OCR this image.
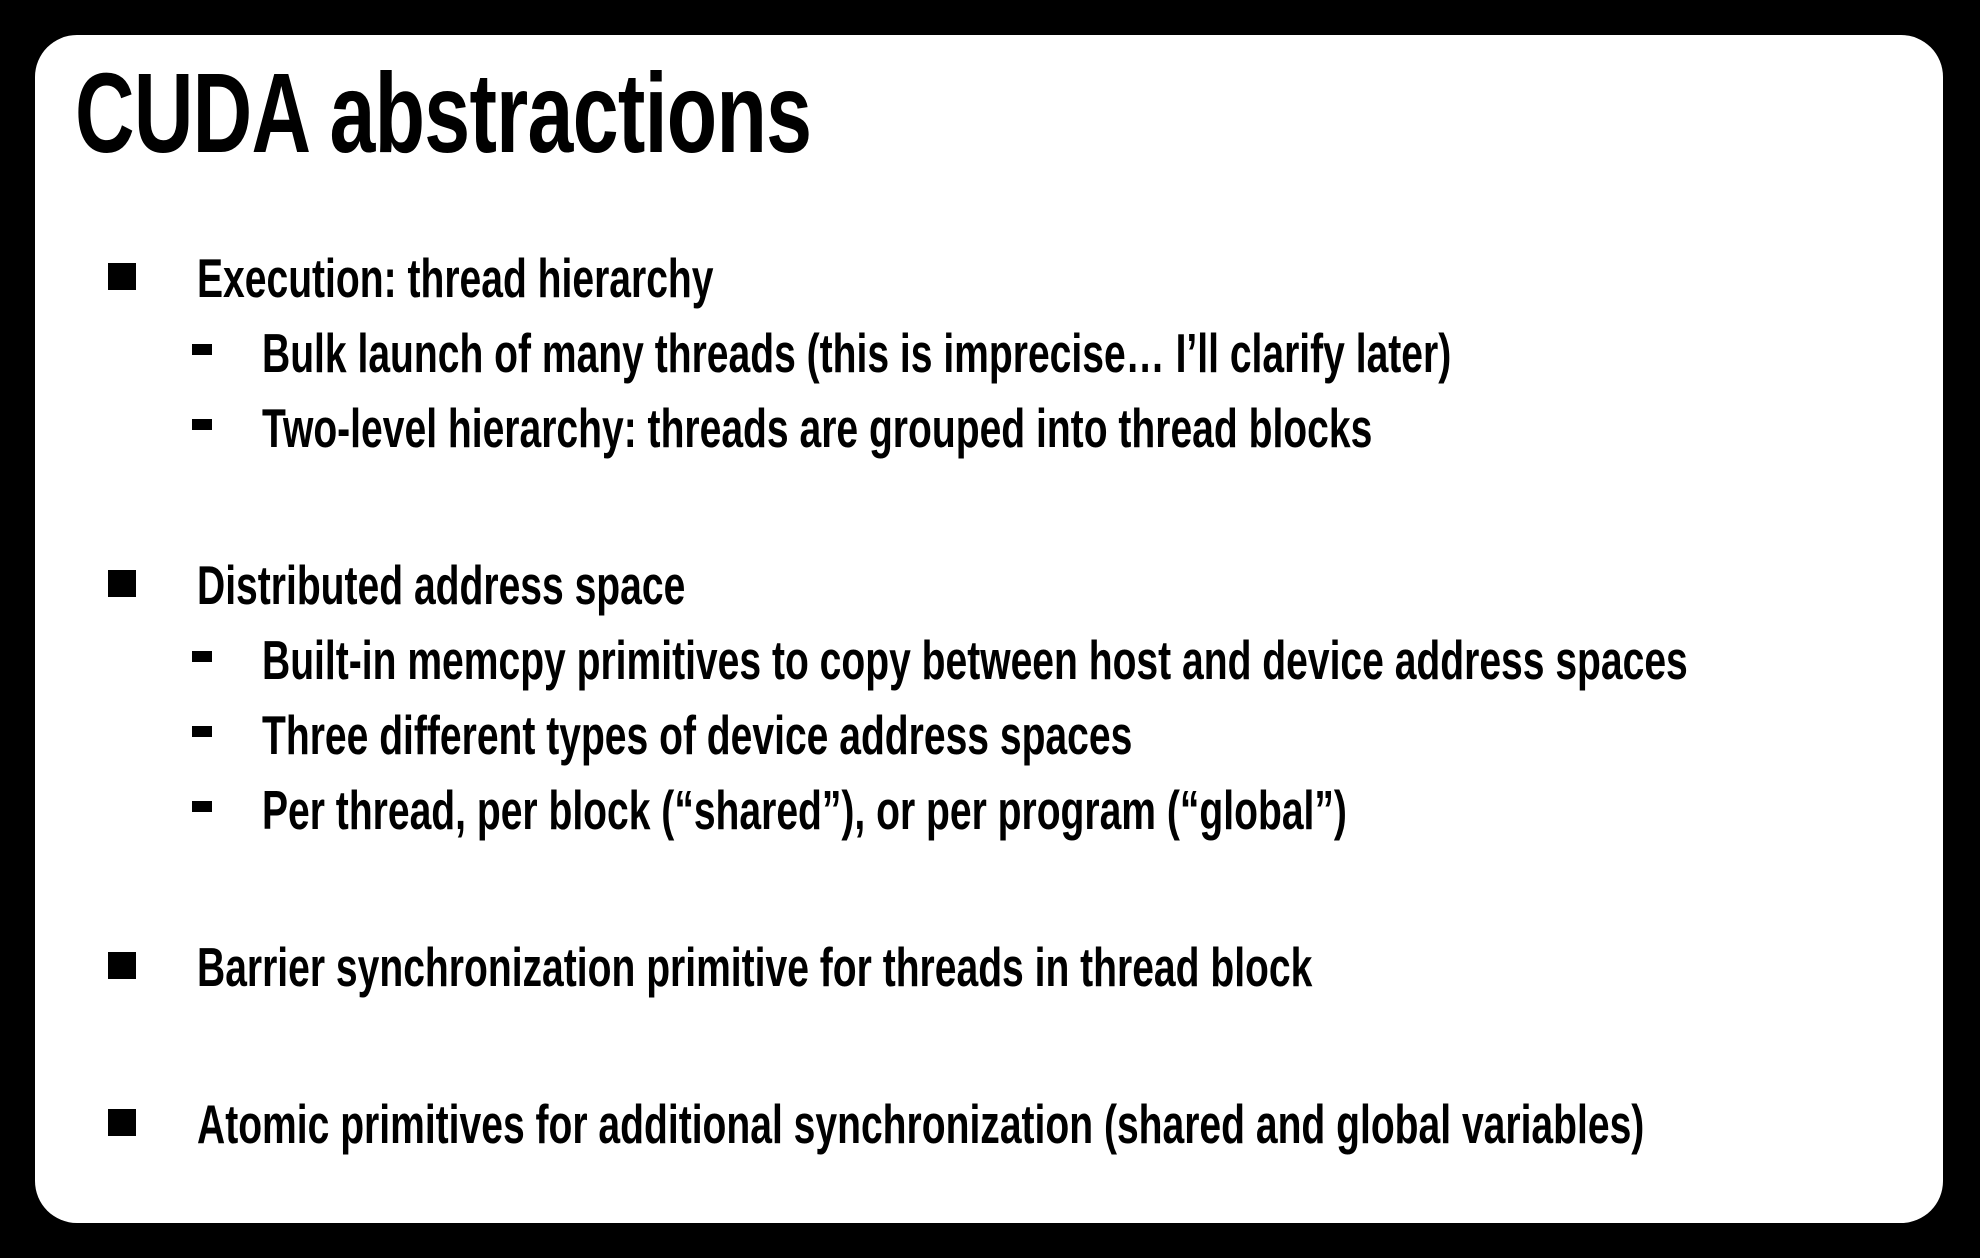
CUDA abstractions
Execution: thread hierarchy
Bulk launch of many threads (this is imprecise… I’ll clarify later)
Two-level hierarchy: threads are grouped into thread blocks
Distributed address space
Built-in memcpy primitives to copy between host and device address spaces
Three different types of device address spaces
Per thread, per block (“shared”), or per program (“global”)
Barrier synchronization primitive for threads in thread block
Atomic primitives for additional synchronization (shared and global variables)
